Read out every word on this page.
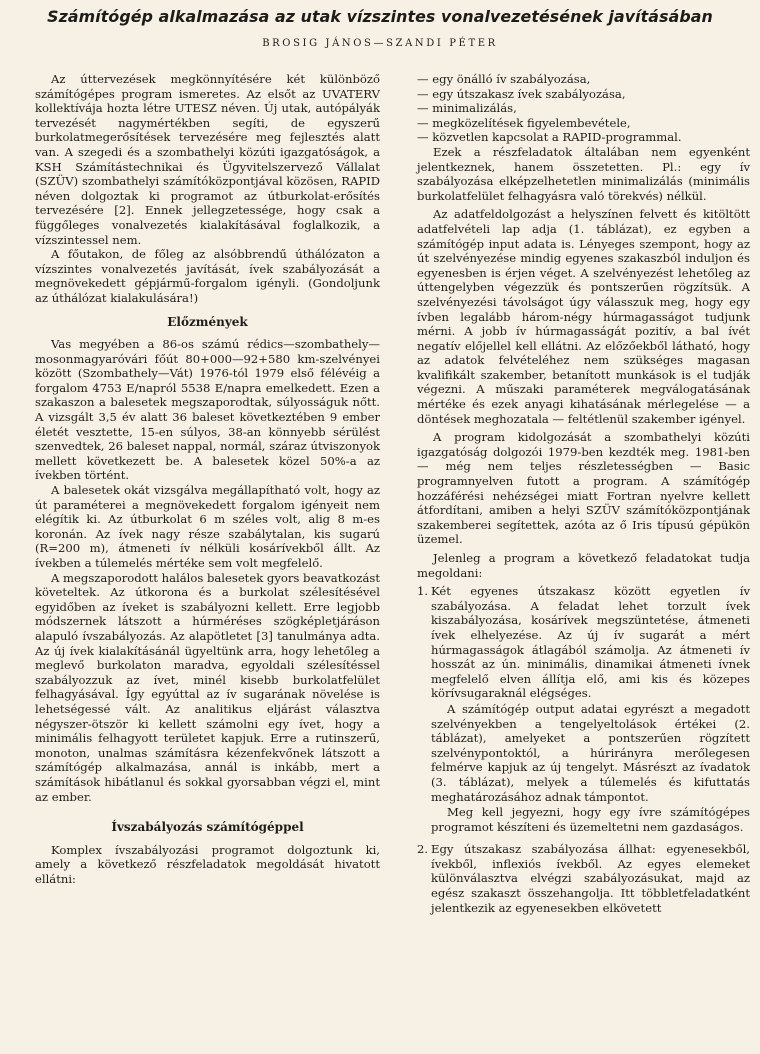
Számítógép alkalmazása az utak vízszintes vonalvezetésének javításában
BROSIG JÁNOS—SZANDI PÉTER

Az úttervezések megkönnyítésére két különböző számítógépes program ismeretes. Az elsőt az UVATERV kollektívája hozta létre UTESZ néven. Új utak, autópályák tervezését nagymértékben segíti, de egyszerű burkolatmegerősítések tervezésére meg fejlesztés alatt van. A szegedi és a szombathelyi közúti igazgatóságok, a KSH Számítástechnikai és Ügyvitelszervező Vállalat (SZÜV) szombathelyi számítóközpontjával közösen, RAPID néven dolgoztak ki programot az útburkolat-erősítés tervezésére [2]. Ennek jellegzetessége, hogy csak a függőleges vonalvezetés kialakításával foglalkozik, a vízszintessel nem.

A főutakon, de főleg az alsóbbrendű úthálózaton a vízszintes vonalvezetés javítását, ívek szabályozását a megnövekedett gépjármű-forgalom igényli. (Gondoljunk az úthálózat kialakulására!)

Előzmények

Vas megyében a 86-os számú rédics—szombathely—mosonmagyaróvári főút 80+000—92+580 km-szelvényei között (Szombathely—Vát) 1976-tól 1979 első félévéig a forgalom 4753 E/napról 5538 E/napra emelkedett. Ezen a szakaszon a balesetek megszaporodtak, súlyosságuk nőtt. A vizsgált 3,5 év alatt 36 baleset következtében 9 ember életét vesztette, 15-en súlyos, 38-an könnyebb sérülést szenvedtek, 26 baleset nappal, normál, száraz útviszonyok mellett következett be. A balesetek közel 50%-a az ívekben történt.

A balesetek okát vizsgálva megállapítható volt, hogy az út paraméterei a megnövekedett forgalom igényeit nem elégítik ki. Az útburkolat 6 m széles volt, alig 8 m-es koronán. Az ívek nagy része szabálytalan, kis sugarú (R=200 m), átmeneti ív nélküli kosárívekből állt. Az ívekben a túlemelés mértéke sem volt megfelelő.

A megszaporodott halálos balesetek gyors beavatkozást követeltek. Az útkorona és a burkolat szélesítésével egyidőben az íveket is szabályozni kellett. Erre legjobb módszernek látszott a húrméréses szögképletjáráson alapuló ívszabályozás. Az alapötletet [3] tanulmánya adta. Az új ívek kialakításánál ügyeltünk arra, hogy lehetőleg a meglevő burkolaton maradva, egyoldali szélesítéssel szabályozzuk az ívet, minél kisebb burkolatfelület felhagyásával. Így egyúttal az ív sugarának növelése is lehetségessé vált. Az analitikus eljárást választva négyszer-ötször ki kellett számolni egy ívet, hogy a minimális felhagyott területet kapjuk. Erre a rutinszerű, monoton, unalmas számításra kézenfekvőnek látszott a számítógép alkalmazása, annál is inkább, mert a számítások hibátlanul és sokkal gyorsabban végzi el, mint az ember.

Ívszabályozás számítógéppel

Komplex ívszabályozási programot dolgoztunk ki, amely a következő részfeladatok megoldását hivatott ellátni:

— egy önálló ív szabályozása,
— egy útszakasz ívek szabályozása,
— minimalizálás,
— megközelítések figyelembevétele,
— közvetlen kapcsolat a RAPID-programmal.

Ezek a részfeladatok általában nem egyenként jelentkeznek, hanem összetetten. Pl.: egy ív szabályozása elképzelhetetlen minimalizálás (minimális burkolatfelület felhagyásra való törekvés) nélkül.

Az adatfeldolgozást a helyszínen felvett és kitöltött adatfelvételi lap adja (1. táblázat), ez egyben a számítógép input adata is. Lényeges szempont, hogy az út szelvényezése mindig egyenes szakaszból induljon és egyenesben is érjen véget. A szelvényezést lehetőleg az úttengelyben végezzük és pontszerűen rögzítsük. A szelvényezési távolságot úgy válasszuk meg, hogy egy ívben legalább három-négy húrmagasságot tudjunk mérni. A jobb ív húrmagasságát pozitív, a bal ívét negatív előjellel kell ellátni. Az előzőekből látható, hogy az adatok felvételéhez nem szükséges magasan kvalifikált szakember, betanított munkások is el tudják végezni. A műszaki paraméterek megválogatásának mértéke és ezek anyagi kihatásának mérlegelése — a döntések meghozatala — feltétlenül szakember igényel.

A program kidolgozását a szombathelyi közúti igazgatóság dolgozói 1979-ben kezdték meg. 1981-ben — még nem teljes részletességben — Basic programnyelven futott a program. A számítógép hozzáférési nehézségei miatt Fortran nyelvre kellett átfordítani, amiben a helyi SZÜV számítóközpontjának szakemberei segítettek, azóta az ő Iris típusú gépükön üzemel.

Jelenleg a program a következő feladatokat tudja megoldani:

1. Két egyenes útszakasz között egyetlen ív szabályozása. A feladat lehet torzult ívek kiszabályozása, kosárívek megszüntetése, átmeneti ívek elhelyezése. Az új ív sugarát a mért húrmagasságok átlagából számolja. Az átmeneti ív hosszát az ún. minimális, dinamikai átmeneti ívnek megfelelő elven állítja elő, ami kis és közepes körívsugaraknál elégséges.

A számítógép output adatai egyrészt a megadott szelvényekben a tengelyeltolások értékei (2. táblázat), amelyeket a pontszerűen rögzített szelvénypontoktól, a húrirányra merőlegesen felmérve kapjuk az új tengelyt. Másrészt az ívadatok (3. táblázat), melyek a túlemelés és kifuttatás meghatározásához adnak támpontot.

Meg kell jegyezni, hogy egy ívre számítógépes programot készíteni és üzemeltetni nem gazdaságos.

2. Egy útszakasz szabályozása állhat: egyenesekből, ívekből, inflexiós ívekből. Az egyes elemeket különválasztva elvégzi szabályozásukat, majd az egész szakaszt összehangolja. Itt többletfeladatként jelentkezik az egyenesekben elkövetett
